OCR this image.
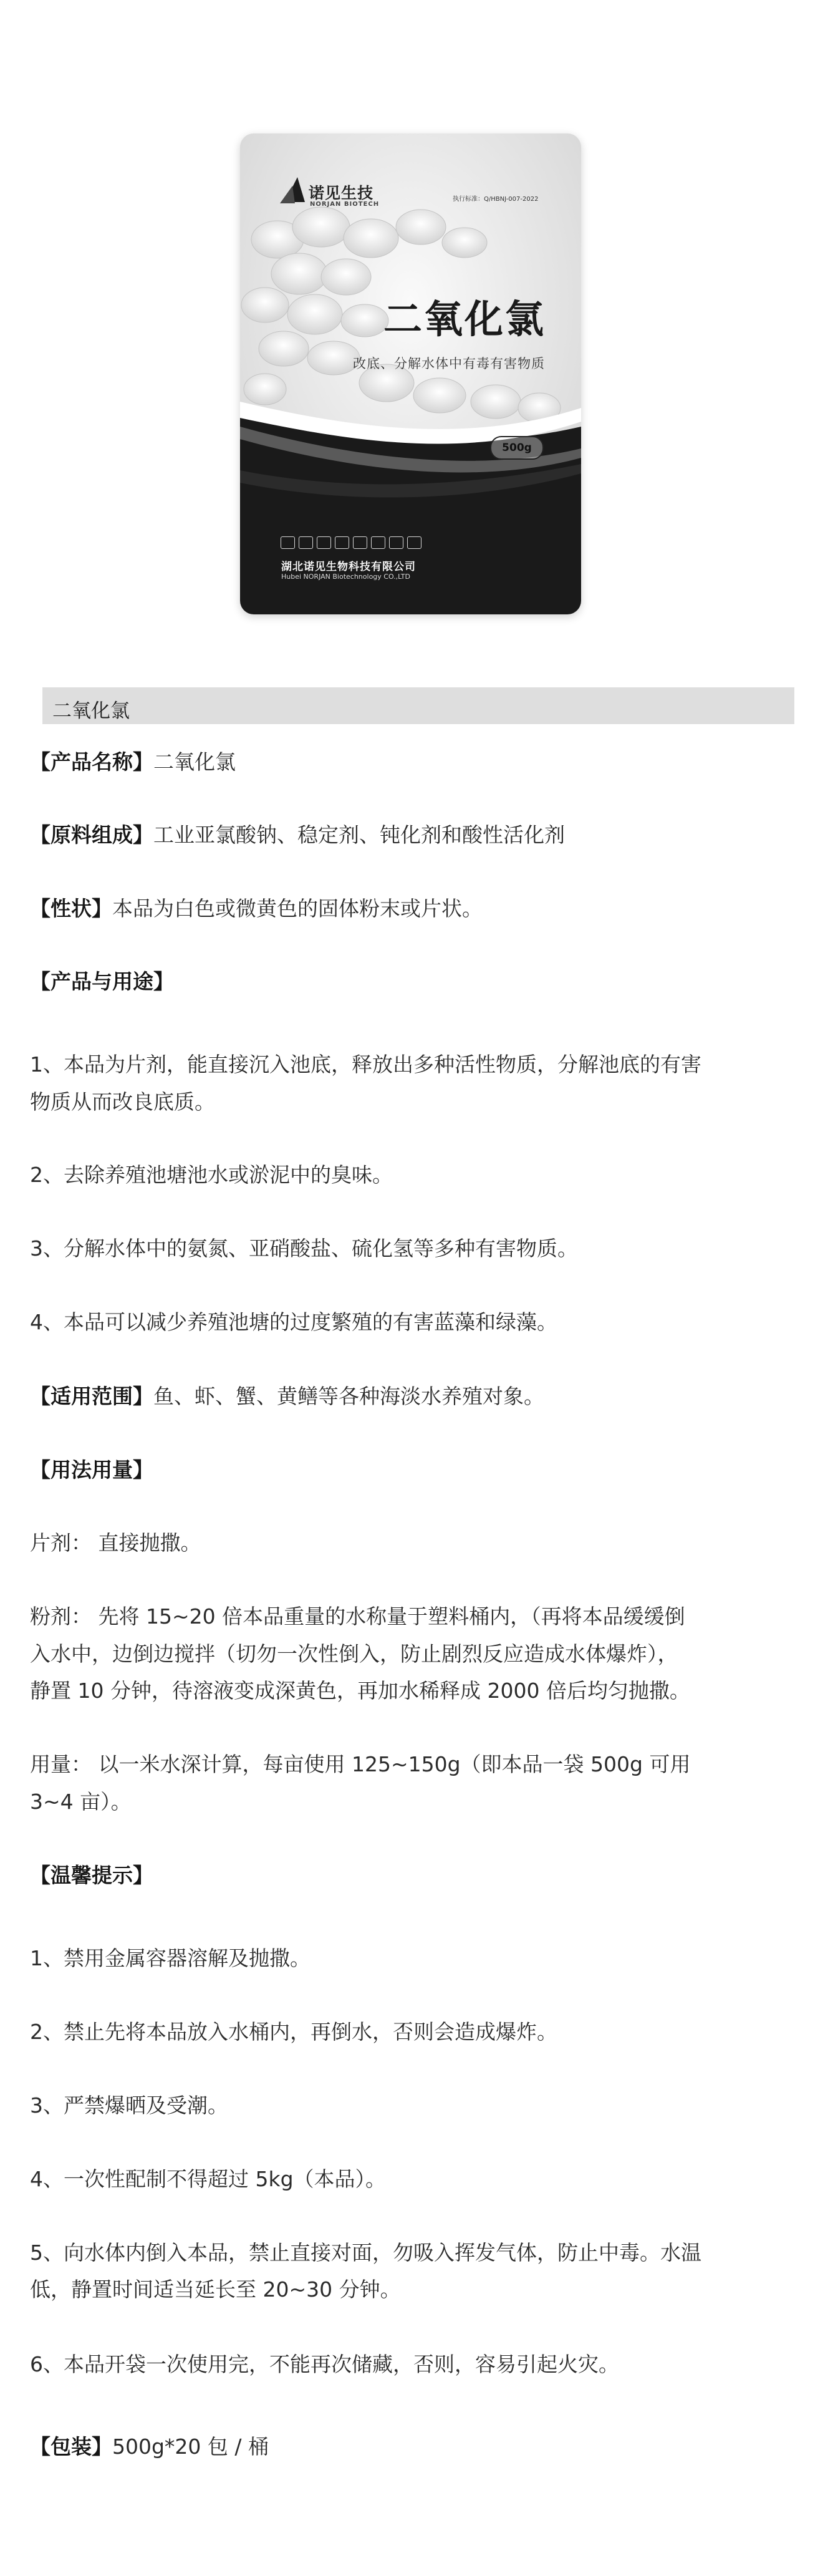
诺见生技

NORJAN BIOTECH

执行标准：Q/HBNJ-007-2022

二氧化氯

改底、分解水体中有毒有害物质

500g

湖北诺见生物科技有限公司

Hubei NORJAN Biotechnology CO.,LTD

二氧化氯

【产品名称】二氧化氯

【原料组成】工业亚氯酸钠、稳定剂、钝化剂和酸性活化剂

【性状】本品为白色或微黄色的固体粉末或片状。

【产品与用途】

1、本品为片剂，能直接沉入池底，释放出多种活性物质，分解池底的有害

物质从而改良底质。

2、去除养殖池塘池水或淤泥中的臭味。

3、分解水体中的氨氮、亚硝酸盐、硫化氢等多种有害物质。

4、本品可以减少养殖池塘的过度繁殖的有害蓝藻和绿藻。

【适用范围】鱼、虾、蟹、黄鳝等各种海淡水养殖对象。

【用法用量】

片剂： 直接抛撒。

粉剂： 先将 15~20 倍本品重量的水称量于塑料桶内，（再将本品缓缓倒

入水中，边倒边搅拌（切勿一次性倒入，防止剧烈反应造成水体爆炸），

静置 10 分钟，待溶液变成深黄色，再加水稀释成 2000 倍后均匀抛撒。

用量： 以一米水深计算，每亩使用 125~150g（即本品一袋 500g 可用

3~4 亩）。

【温馨提示】

1、禁用金属容器溶解及抛撒。

2、禁止先将本品放入水桶内，再倒水，否则会造成爆炸。

3、严禁爆晒及受潮。

4、一次性配制不得超过 5kg（本品）。

5、向水体内倒入本品，禁止直接对面，勿吸入挥发气体，防止中毒。水温

低，静置时间适当延长至 20~30 分钟。

6、本品开袋一次使用完，不能再次储藏，否则，容易引起火灾。

【包装】500g*20 包 / 桶
